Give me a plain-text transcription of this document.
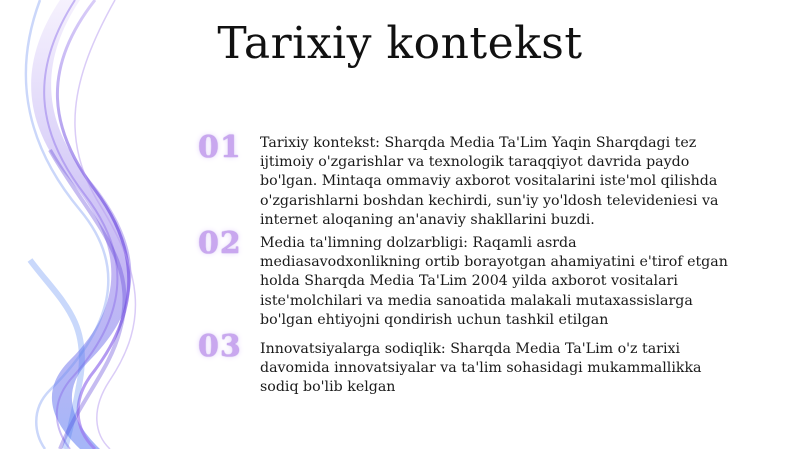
Tarixiy kontekst
01	Tarixiy kontekst: Sharqda Media Ta'Lim Yaqin Sharqdagi tez ijtimoiy o'zgarishlar va texnologik taraqqiyot davrida paydo bo'lgan. Mintaqa ommaviy axborot vositalarini iste'mol qilishda o'zgarishlarni boshdan kechirdi, sun'iy yo'ldosh televideniesi va internet aloqaning an'anaviy shakllarini buzdi.
02	Media ta'limning dolzarbligi: Raqamli asrda mediasavodxonlikning ortib borayotgan ahamiyatini e'tirof etgan holda Sharqda Media Ta'Lim 2004 yilda axborot vositalari iste'molchilari va media sanoatida malakali mutaxassislarga bo'lgan ehtiyojni qondirish uchun tashkil etilgan
03	Innovatsiyalarga sodiqlik: Sharqda Media Ta'Lim o'z tarixi davomida innovatsiyalar va ta'lim sohasidagi mukammallikka sodiq bo'lib kelgan
